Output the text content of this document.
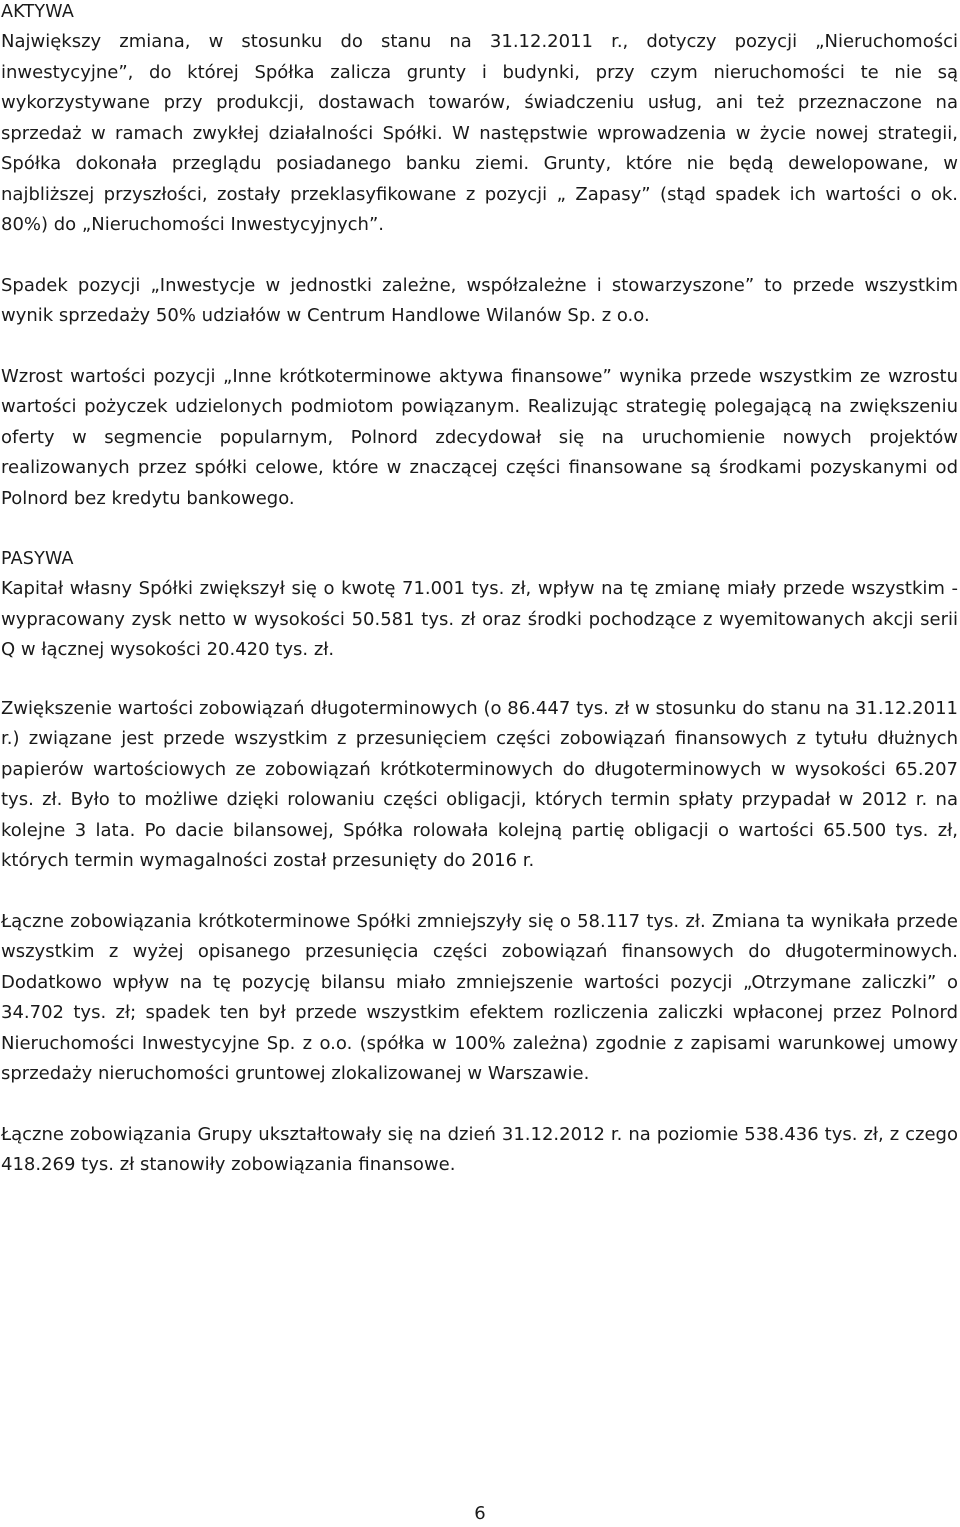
AKTYWA

Największy zmiana, w stosunku do stanu na 31.12.2011 r., dotyczy pozycji „Nieruchomości inwestycyjne”, do której Spółka zalicza grunty i budynki, przy czym nieruchomości te nie są wykorzystywane przy produkcji, dostawach towarów, świadczeniu usług, ani też przeznaczone na sprzedaż w ramach zwykłej działalności Spółki. W następstwie wprowadzenia w życie nowej strategii, Spółka dokonała przeglądu posiadanego banku ziemi. Grunty, które nie będą dewelopowane, w najbliższej przyszłości, zostały przeklasyfikowane z pozycji „ Zapasy” (stąd spadek ich wartości o ok. 80%) do „Nieruchomości Inwestycyjnych”.

Spadek pozycji „Inwestycje w jednostki zależne, współzależne i stowarzyszone” to przede wszystkim wynik sprzedaży 50% udziałów w Centrum Handlowe Wilanów Sp. z o.o.

Wzrost wartości pozycji „Inne krótkoterminowe aktywa finansowe” wynika przede wszystkim ze wzrostu wartości pożyczek udzielonych podmiotom powiązanym. Realizując strategię polegającą na zwiększeniu oferty w segmencie popularnym, Polnord zdecydował się na uruchomienie nowych projektów realizowanych przez spółki celowe, które w znaczącej części finansowane są środkami pozyskanymi od Polnord bez kredytu bankowego.

PASYWA

Kapitał własny Spółki zwiększył się o kwotę 71.001 tys. zł, wpływ na tę zmianę miały przede wszystkim - wypracowany zysk netto w wysokości 50.581 tys. zł oraz środki pochodzące z wyemitowanych akcji serii Q w łącznej wysokości 20.420 tys. zł.

Zwiększenie wartości zobowiązań długoterminowych (o 86.447 tys. zł w stosunku do stanu na 31.12.2011 r.) związane jest przede wszystkim z przesunięciem części zobowiązań finansowych z tytułu dłużnych papierów wartościowych ze zobowiązań krótkoterminowych do długoterminowych w wysokości 65.207 tys. zł. Było to możliwe dzięki rolowaniu części obligacji, których termin spłaty przypadał w 2012 r. na kolejne 3 lata. Po dacie bilansowej, Spółka rolowała kolejną partię obligacji o wartości 65.500 tys. zł, których termin wymagalności został przesunięty do 2016 r.

Łączne zobowiązania krótkoterminowe Spółki zmniejszyły się o 58.117 tys. zł. Zmiana ta wynikała przede wszystkim z wyżej opisanego przesunięcia części zobowiązań finansowych do długoterminowych. Dodatkowo wpływ na tę pozycję bilansu miało zmniejszenie wartości pozycji „Otrzymane zaliczki” o 34.702 tys. zł; spadek ten był przede wszystkim efektem rozliczenia zaliczki wpłaconej przez Polnord Nieruchomości Inwestycyjne Sp. z o.o. (spółka w 100% zależna) zgodnie z zapisami warunkowej umowy sprzedaży nieruchomości gruntowej zlokalizowanej w Warszawie.

Łączne zobowiązania Grupy ukształtowały się na dzień 31.12.2012 r. na poziomie 538.436 tys. zł, z czego 418.269 tys. zł stanowiły zobowiązania finansowe.

6
